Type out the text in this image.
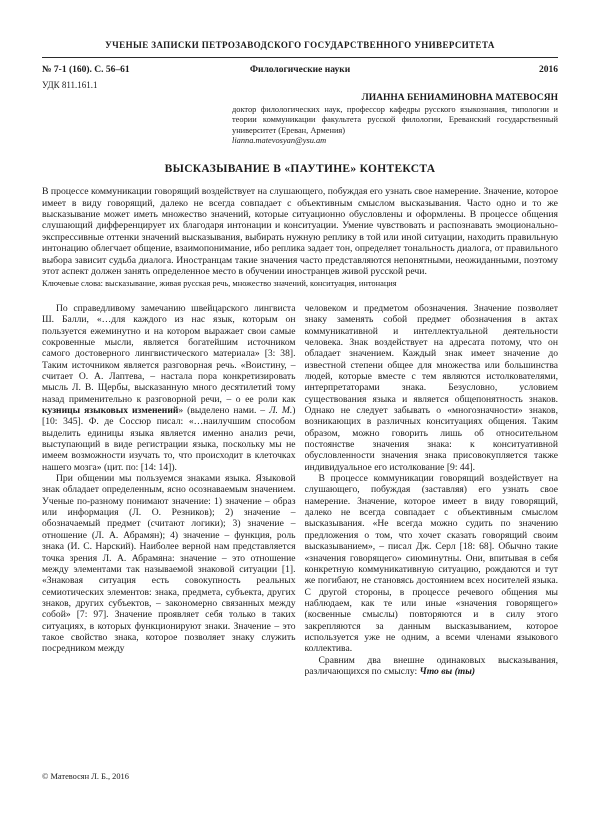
УЧЕНЫЕ ЗАПИСКИ ПЕТРОЗАВОДСКОГО ГОСУДАРСТВЕННОГО УНИВЕРСИТЕТА
№ 7-1 (160). С. 56–61	Филологические науки	2016
УДК 811.161.1
ЛИАННА БЕНИАМИНОВНА МАТЕВОСЯН
доктор филологических наук, профессор кафедры русского языкознания, типологии и теории коммуникации факультета русской филологии, Ереванский государственный университет (Ереван, Армения)
lianna.matevosyan@ysu.am
ВЫСКАЗЫВАНИЕ В «ПАУТИНЕ» КОНТЕКСТА

В процессе коммуникации говорящий воздействует на слушающего, побуждая его узнать свое намерение. Значение, которое имеет в виду говорящий, далеко не всегда совпадает с объективным смыслом высказывания. Часто одно и то же высказывание может иметь множество значений, которые ситуационно обусловлены и оформлены. В процессе общения слушающий дифференцирует их благодаря интонации и конситуации. Умение чувствовать и распознавать эмоционально-экспрессивные оттенки значений высказывания, выбирать нужную реплику в той или иной ситуации, находить правильную интонацию облегчает общение, взаимопонимание, ибо реплика задает тон, определяет тональность диалога, от правильного выбора зависит судьба диалога. Иностранцам такие значения часто представляются непонятными, неожиданными, поэтому этот аспект должен занять определенное место в обучении иностранцев живой русской речи.

Ключевые слова: высказывание, живая русская речь, множество значений, конситуация, интонация

По справедливому замечанию швейцарского лингвиста Ш. Балли, «…для каждого из нас язык, которым он пользуется ежеминутно и на котором выражает свои самые сокровенные мысли, является богатейшим источником самого достоверного лингвистического материала» [3: 38]. Таким источником является разговорная речь. «Воистину, – считает О. А. Лаптева, – настала пора конкретизировать мысль Л. В. Щербы, высказанную много десятилетий тому назад применительно к разговорной речи, – о ее роли как кузницы языковых изменений» (выделено нами. – Л. М.) [10: 345]. Ф. де Соссюр писал: «…наилучшим способом выделить единицы языка является именно анализ речи, выступающий в виде регистрации языка, поскольку мы не имеем возможности изучать то, что происходит в клеточках нашего мозга» (цит. по: [14: 14]).

При общении мы пользуемся знаками языка. Языковой знак обладает определенным, ясно осознаваемым значением. Ученые по-разному понимают значение: 1) значение – образ или информация (Л. О. Резников); 2) значение – обозначаемый предмет (считают логики); 3) значение – отношение (Л. А. Абрамян); 4) значение – функция, роль знака (И. С. Нарский). Наиболее верной нам представляется точка зрения Л. А. Абрамяна: значение – это отношение между элементами так называемой знаковой ситуации [1]. «Знаковая ситуация есть совокупность реальных семиотических элементов: знака, предмета, субъекта, других знаков, других субъектов, – закономерно связанных между собой» [7: 97]. Значение проявляет себя только в таких ситуациях, в которых функционируют знаки. Значение – это такое свойство знака, которое позволяет знаку служить посредником между

человеком и предметом обозначения. Значение позволяет знаку заменять собой предмет обозначения в актах коммуникативной и интеллектуальной деятельности человека. Знак воздействует на адресата потому, что он обладает значением. Каждый знак имеет значение до известной степени общее для множества или большинства людей, которые вместе с тем являются истолкователями, интерпретаторами знака. Безусловно, условием существования языка и является общепонятность знаков. Однако не следует забывать о «многозначности» знаков, возникающих в различных конситуациях общения. Таким образом, можно говорить лишь об относительном постоянстве значения знака: к конситуативной обусловленности значения знака присовокупляется также индивидуальное его истолкование [9: 44].

В процессе коммуникации говорящий воздействует на слушающего, побуждая (заставляя) его узнать свое намерение. Значение, которое имеет в виду говорящий, далеко не всегда совпадает с объективным смыслом высказывания. «Не всегда можно судить по значению предложения о том, что хочет сказать говорящий своим высказыванием», – писал Дж. Серл [18: 68]. Обычно такие «значения говорящего» сиюминутны. Они, впитывая в себя конкретную коммуникативную ситуацию, рождаются и тут же погибают, не становясь достоянием всех носителей языка. С другой стороны, в процессе речевого общения мы наблюдаем, как те или иные «значения говорящего» (косвенные смыслы) повторяются и в силу этого закрепляются за данным высказыванием, которое используется уже не одним, а всеми членами языкового коллектива.

Сравним два внешне одинаковых высказывания, различающихся по смыслу: Что вы (ты)

© Матевосян Л. Б., 2016
